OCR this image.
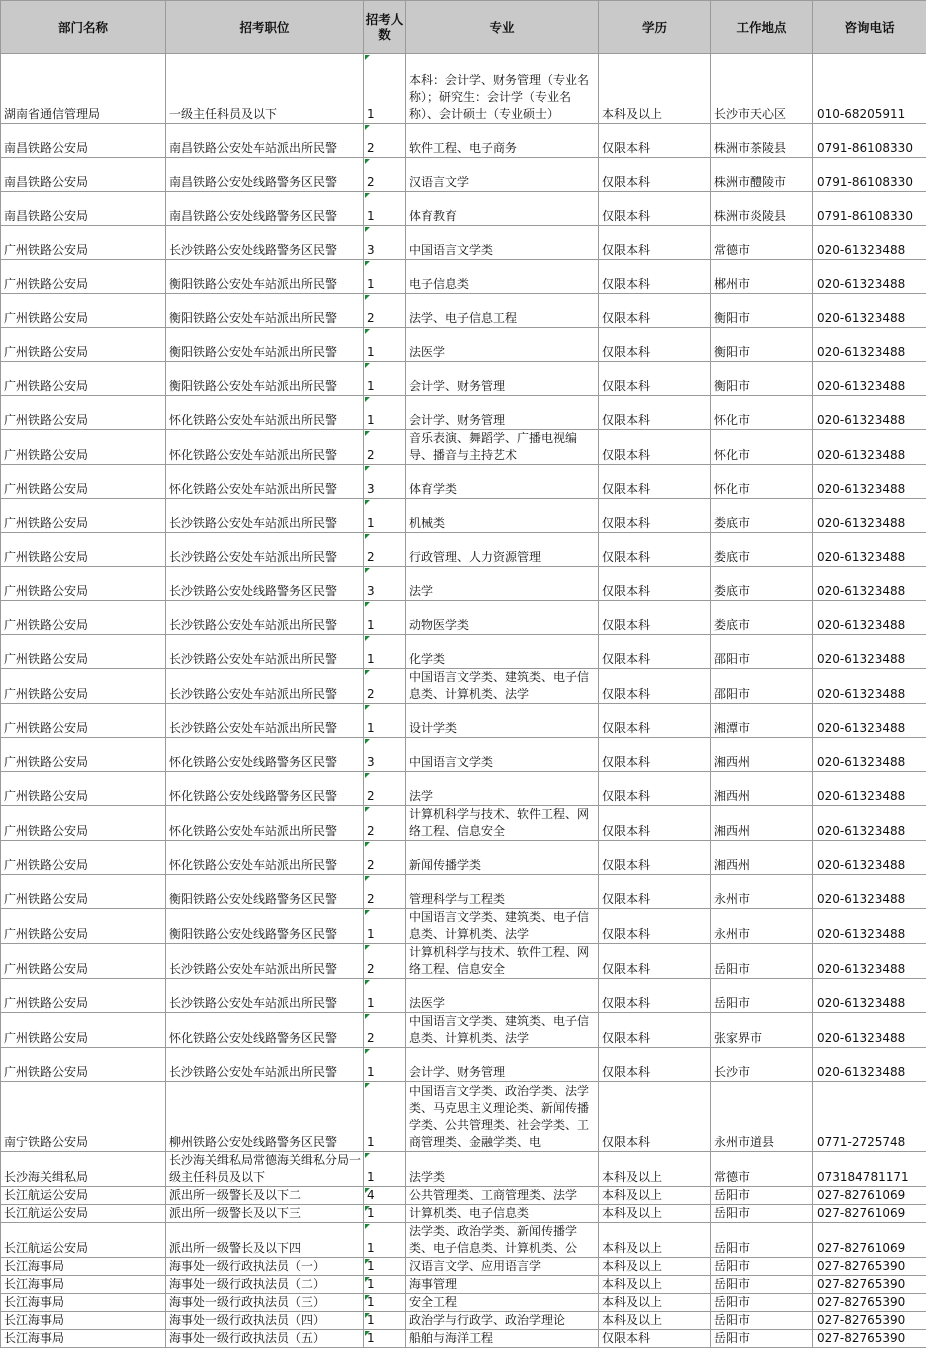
部门名称	招考职位	招考人数	专业	学历	工作地点	咨询电话
湖南省通信管理局	一级主任科员及以下	1	本科：会计学、财务管理（专业名称）；研究生：会计学（专业名称）、会计硕士（专业硕士）	本科及以上	长沙市天心区	010-68205911
南昌铁路公安局	南昌铁路公安处车站派出所民警	2	软件工程、电子商务	仅限本科	株洲市茶陵县	0791-86108330
南昌铁路公安局	南昌铁路公安处线路警务区民警	2	汉语言文学	仅限本科	株洲市醴陵市	0791-86108330
南昌铁路公安局	南昌铁路公安处线路警务区民警	1	体育教育	仅限本科	株洲市炎陵县	0791-86108330
广州铁路公安局	长沙铁路公安处线路警务区民警	3	中国语言文学类	仅限本科	常德市	020-61323488
广州铁路公安局	衡阳铁路公安处车站派出所民警	1	电子信息类	仅限本科	郴州市	020-61323488
广州铁路公安局	衡阳铁路公安处车站派出所民警	2	法学、电子信息工程	仅限本科	衡阳市	020-61323488
广州铁路公安局	衡阳铁路公安处车站派出所民警	1	法医学	仅限本科	衡阳市	020-61323488
广州铁路公安局	衡阳铁路公安处车站派出所民警	1	会计学、财务管理	仅限本科	衡阳市	020-61323488
广州铁路公安局	怀化铁路公安处车站派出所民警	1	会计学、财务管理	仅限本科	怀化市	020-61323488
广州铁路公安局	怀化铁路公安处车站派出所民警	2	音乐表演、舞蹈学、广播电视编导、播音与主持艺术	仅限本科	怀化市	020-61323488
广州铁路公安局	怀化铁路公安处车站派出所民警	3	体育学类	仅限本科	怀化市	020-61323488
广州铁路公安局	长沙铁路公安处车站派出所民警	1	机械类	仅限本科	娄底市	020-61323488
广州铁路公安局	长沙铁路公安处车站派出所民警	2	行政管理、人力资源管理	仅限本科	娄底市	020-61323488
广州铁路公安局	长沙铁路公安处线路警务区民警	3	法学	仅限本科	娄底市	020-61323488
广州铁路公安局	长沙铁路公安处车站派出所民警	1	动物医学类	仅限本科	娄底市	020-61323488
广州铁路公安局	长沙铁路公安处车站派出所民警	1	化学类	仅限本科	邵阳市	020-61323488
广州铁路公安局	长沙铁路公安处车站派出所民警	2	中国语言文学类、建筑类、电子信息类、计算机类、法学	仅限本科	邵阳市	020-61323488
广州铁路公安局	长沙铁路公安处车站派出所民警	1	设计学类	仅限本科	湘潭市	020-61323488
广州铁路公安局	怀化铁路公安处线路警务区民警	3	中国语言文学类	仅限本科	湘西州	020-61323488
广州铁路公安局	怀化铁路公安处线路警务区民警	2	法学	仅限本科	湘西州	020-61323488
广州铁路公安局	怀化铁路公安处车站派出所民警	2	计算机科学与技术、软件工程、网络工程、信息安全	仅限本科	湘西州	020-61323488
广州铁路公安局	怀化铁路公安处车站派出所民警	2	新闻传播学类	仅限本科	湘西州	020-61323488
广州铁路公安局	衡阳铁路公安处线路警务区民警	2	管理科学与工程类	仅限本科	永州市	020-61323488
广州铁路公安局	衡阳铁路公安处线路警务区民警	1	中国语言文学类、建筑类、电子信息类、计算机类、法学	仅限本科	永州市	020-61323488
广州铁路公安局	长沙铁路公安处车站派出所民警	2	计算机科学与技术、软件工程、网络工程、信息安全	仅限本科	岳阳市	020-61323488
广州铁路公安局	长沙铁路公安处车站派出所民警	1	法医学	仅限本科	岳阳市	020-61323488
广州铁路公安局	怀化铁路公安处线路警务区民警	2	中国语言文学类、建筑类、电子信息类、计算机类、法学	仅限本科	张家界市	020-61323488
广州铁路公安局	长沙铁路公安处车站派出所民警	1	会计学、财务管理	仅限本科	长沙市	020-61323488
南宁铁路公安局	柳州铁路公安处线路警务区民警	1	中国语言文学类、政治学类、法学类、马克思主义理论类、新闻传播学类、公共管理类、社会学类、工商管理类、金融学类、电	仅限本科	永州市道县	0771-2725748
长沙海关缉私局	长沙海关缉私局常德海关缉私分局一级主任科员及以下	1	法学类	本科及以上	常德市	073184781171
长江航运公安局	派出所一级警长及以下二	4	公共管理类、工商管理类、法学	本科及以上	岳阳市	027-82761069
长江航运公安局	派出所一级警长及以下三	1	计算机类、电子信息类	本科及以上	岳阳市	027-82761069
长江航运公安局	派出所一级警长及以下四	1	法学类、政治学类、新闻传播学类、电子信息类、计算机类、公	本科及以上	岳阳市	027-82761069
长江海事局	海事处一级行政执法员（一）	1	汉语言文学、应用语言学	本科及以上	岳阳市	027-82765390
长江海事局	海事处一级行政执法员（二）	1	海事管理	本科及以上	岳阳市	027-82765390
长江海事局	海事处一级行政执法员（三）	1	安全工程	本科及以上	岳阳市	027-82765390
长江海事局	海事处一级行政执法员（四）	1	政治学与行政学、政治学理论	本科及以上	岳阳市	027-82765390
长江海事局	海事处一级行政执法员（五）	1	船舶与海洋工程	仅限本科	岳阳市	027-82765390
